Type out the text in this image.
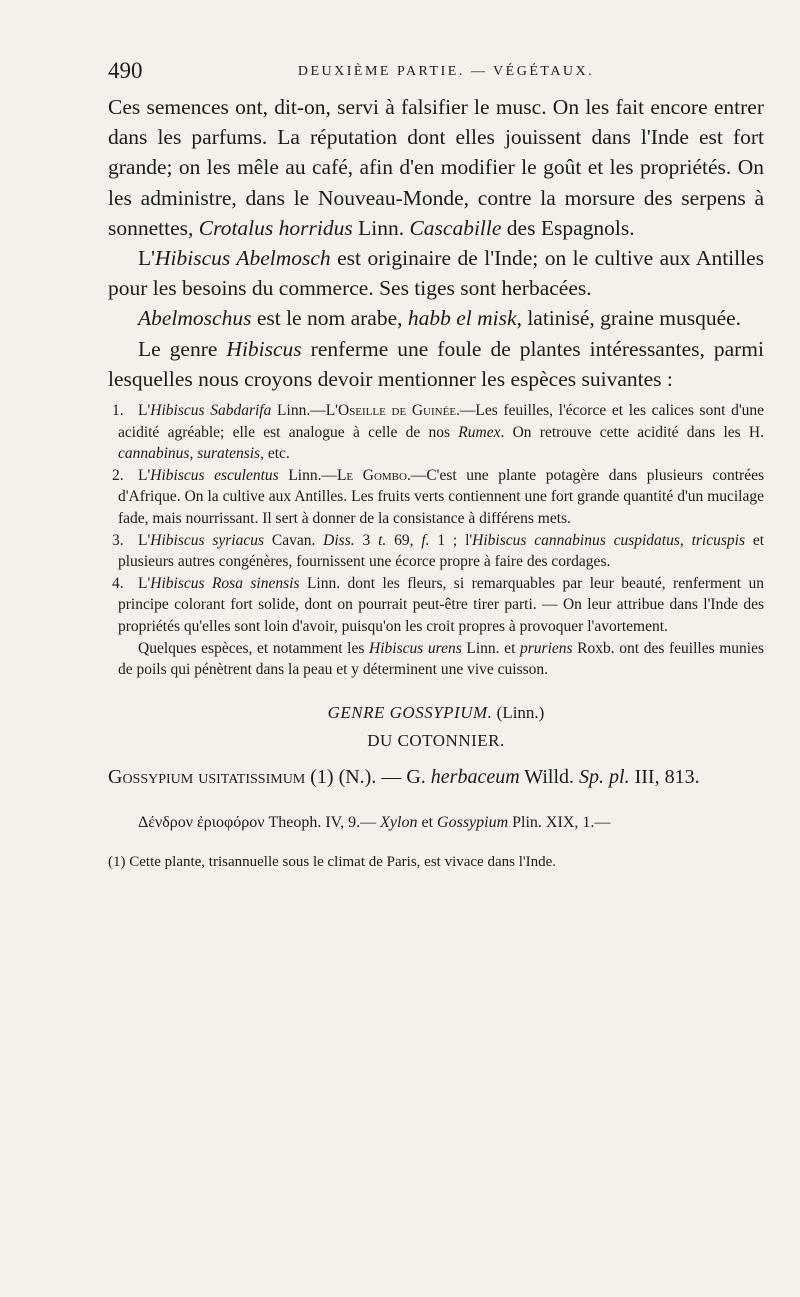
490	DEUXIÈME PARTIE. — VÉGÉTAUX.

Ces semences ont, dit-on, servi à falsifier le musc. On les fait encore entrer dans les parfums. La réputation dont elles jouissent dans l'Inde est fort grande; on les mêle au café, afin d'en modifier le goût et les propriétés. On les administre, dans le Nouveau-Monde, contre la morsure des serpens à sonnettes, Crotalus horridus Linn. Cascabille des Espagnols.

L'Hibiscus Abelmosch est originaire de l'Inde; on le cultive aux Antilles pour les besoins du commerce. Ses tiges sont herbacées.

Abelmoschus est le nom arabe, habb el misk, latinisé, graine musquée.

Le genre Hibiscus renferme une foule de plantes intéressantes, parmi lesquelles nous croyons devoir mentionner les espèces suivantes :

1. L'Hibiscus Sabdarifa Linn.—L'Oseille de Guinée.—Les feuilles, l'écorce et les calices sont d'une acidité agréable; elle est analogue à celle de nos Rumex. On retrouve cette acidité dans les H. cannabinus, suratensis, etc.

2. L'Hibiscus esculentus Linn.—Le Gombo.—C'est une plante potagère dans plusieurs contrées d'Afrique. On la cultive aux Antilles. Les fruits verts contiennent une fort grande quantité d'un mucilage fade, mais nourrissant. Il sert à donner de la consistance à différens mets.

3. L'Hibiscus syriacus Cavan. Diss. 3 t. 69, f. 1 ; l'Hibiscus cannabinus cuspidatus, tricuspis et plusieurs autres congénères, fournissent une écorce propre à faire des cordages.

4. L'Hibiscus Rosa sinensis Linn. dont les fleurs, si remarquables par leur beauté, renferment un principe colorant fort solide, dont on pourrait peut-être tirer parti. — On leur attribue dans l'Inde des propriétés qu'elles sont loin d'avoir, puisqu'on les croit propres à provoquer l'avortement.

Quelques espèces, et notamment les Hibiscus urens Linn. et pruriens Roxb. ont des feuilles munies de poils qui pénètrent dans la peau et y déterminent une vive cuisson.

GENRE GOSSYPIUM. (Linn.)
DU COTONNIER.

Gossypium usitatissimum (1) (N.). — G. herbaceum Willd. Sp. pl. III, 813.

Δένδρον ἐριοφόρον Theoph. IV, 9.— Xylon et Gossypium Plin. XIX, 1.—

(1) Cette plante, trisannuelle sous le climat de Paris, est vivace dans l'Inde.
